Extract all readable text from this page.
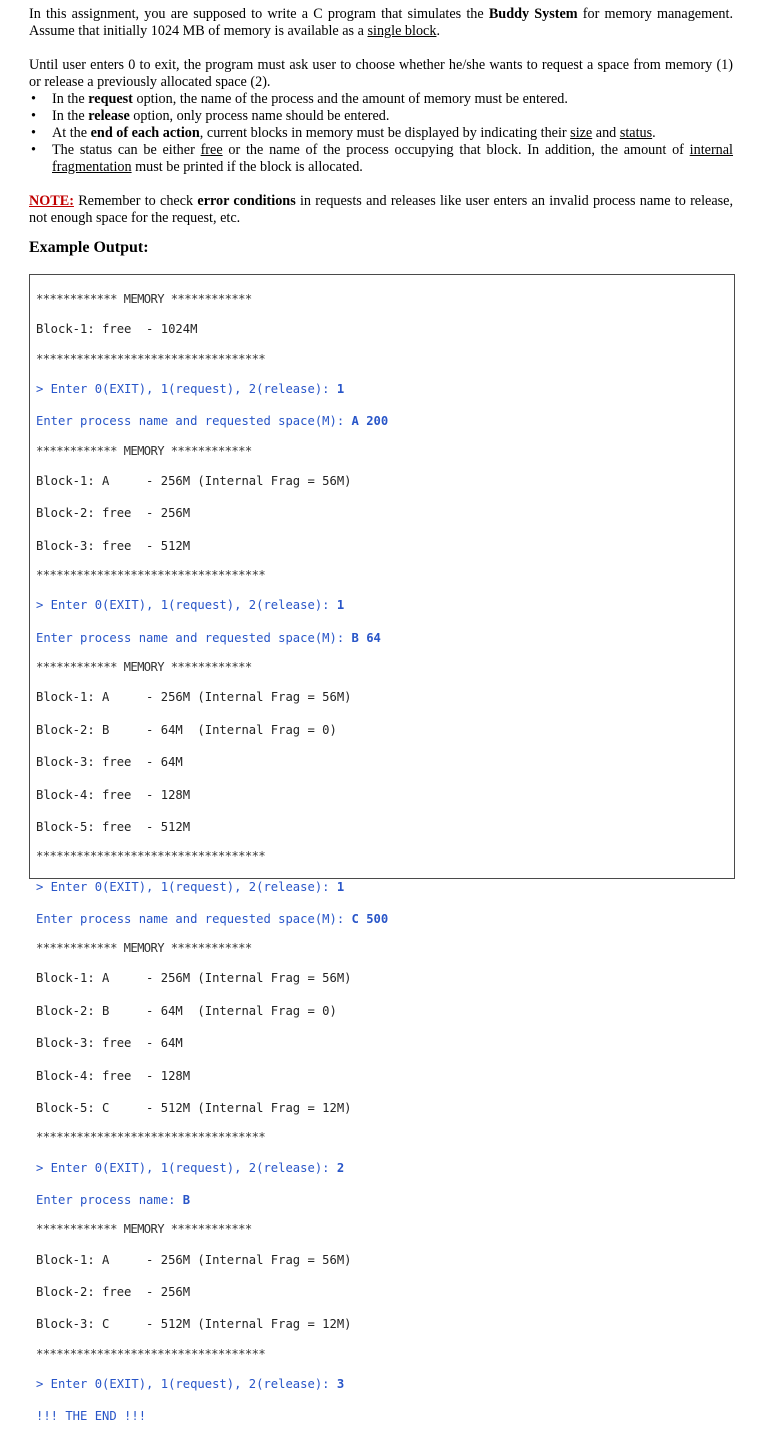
In this assignment, you are supposed to write a C program that simulates the Buddy System for memory management. Assume that initially 1024 MB of memory is available as a single block.

Until user enters 0 to exit, the program must ask user to choose whether he/she wants to request a space from memory (1) or release a previously allocated space (2).

• In the request option, the name of the process and the amount of memory must be entered.
• In the release option, only process name should be entered.
• At the end of each action, current blocks in memory must be displayed by indicating their size and status.
• The status can be either free or the name of the process occupying that block. In addition, the amount of internal fragmentation must be printed if the block is allocated.

NOTE: Remember to check error conditions in requests and releases like user enters an invalid process name to release, not enough space for the request, etc.

Example Output:

************ MEMORY ************

Block-1: free  - 1024M

**********************************

> Enter 0(EXIT), 1(request), 2(release): 1

Enter process name and requested space(M): A 200

************ MEMORY ************

Block-1: A     - 256M (Internal Frag = 56M)

Block-2: free  - 256M

Block-3: free  - 512M

**********************************

> Enter 0(EXIT), 1(request), 2(release): 1

Enter process name and requested space(M): B 64

************ MEMORY ************

Block-1: A     - 256M (Internal Frag = 56M)

Block-2: B     - 64M  (Internal Frag = 0)

Block-3: free  - 64M

Block-4: free  - 128M

Block-5: free  - 512M

**********************************

> Enter 0(EXIT), 1(request), 2(release): 1

Enter process name and requested space(M): C 500

************ MEMORY ************

Block-1: A     - 256M (Internal Frag = 56M)

Block-2: B     - 64M  (Internal Frag = 0)

Block-3: free  - 64M

Block-4: free  - 128M

Block-5: C     - 512M (Internal Frag = 12M)

**********************************

> Enter 0(EXIT), 1(request), 2(release): 2

Enter process name: B

************ MEMORY ************

Block-1: A     - 256M (Internal Frag = 56M)

Block-2: free  - 256M

Block-3: C     - 512M (Internal Frag = 12M)

**********************************

> Enter 0(EXIT), 1(request), 2(release): 3

!!! THE END !!!
